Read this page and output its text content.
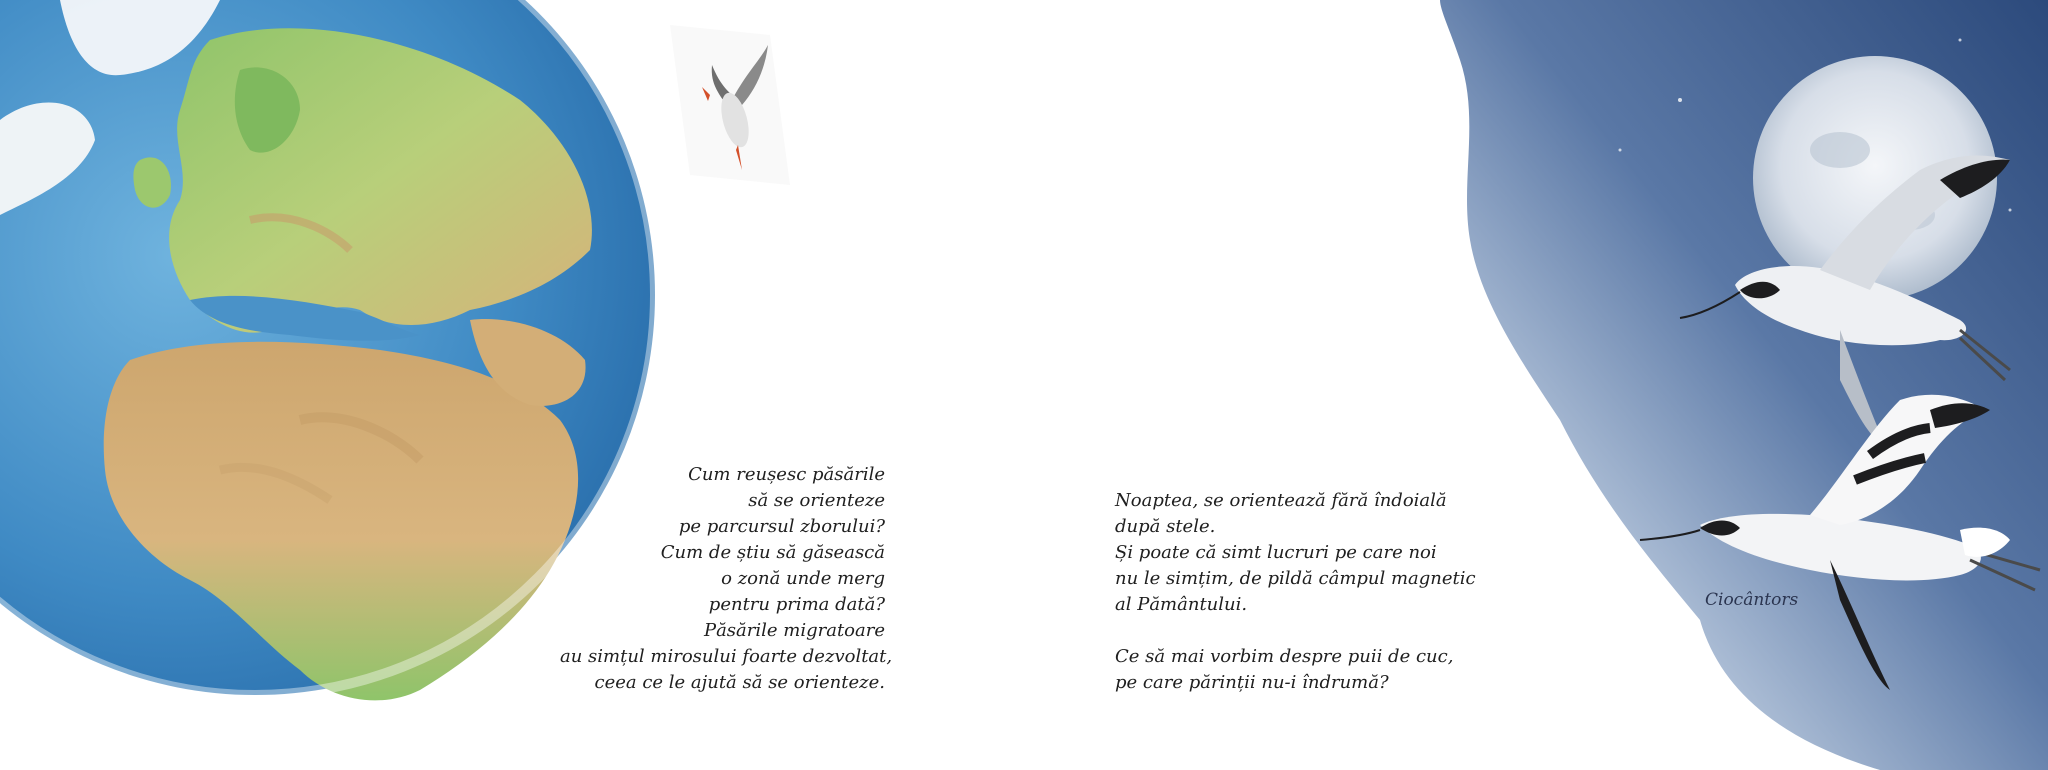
Cum reușesc păsările
să se orienteze
pe parcursul zborului?
Cum de știu să găsească
o zonă unde merg
pentru prima dată?
Păsările migratoare
au simțul mirosului foarte dezvoltat,
ceea ce le ajută să se orienteze.
Noaptea, se orientează fără îndoială
după stele.
Și poate că simt lucruri pe care noi
nu le simțim, de pildă câmpul magnetic
al Pământului.
Ce să mai vorbim despre puii de cuc,
pe care părinții nu-i îndrumă?
Ciocântors
